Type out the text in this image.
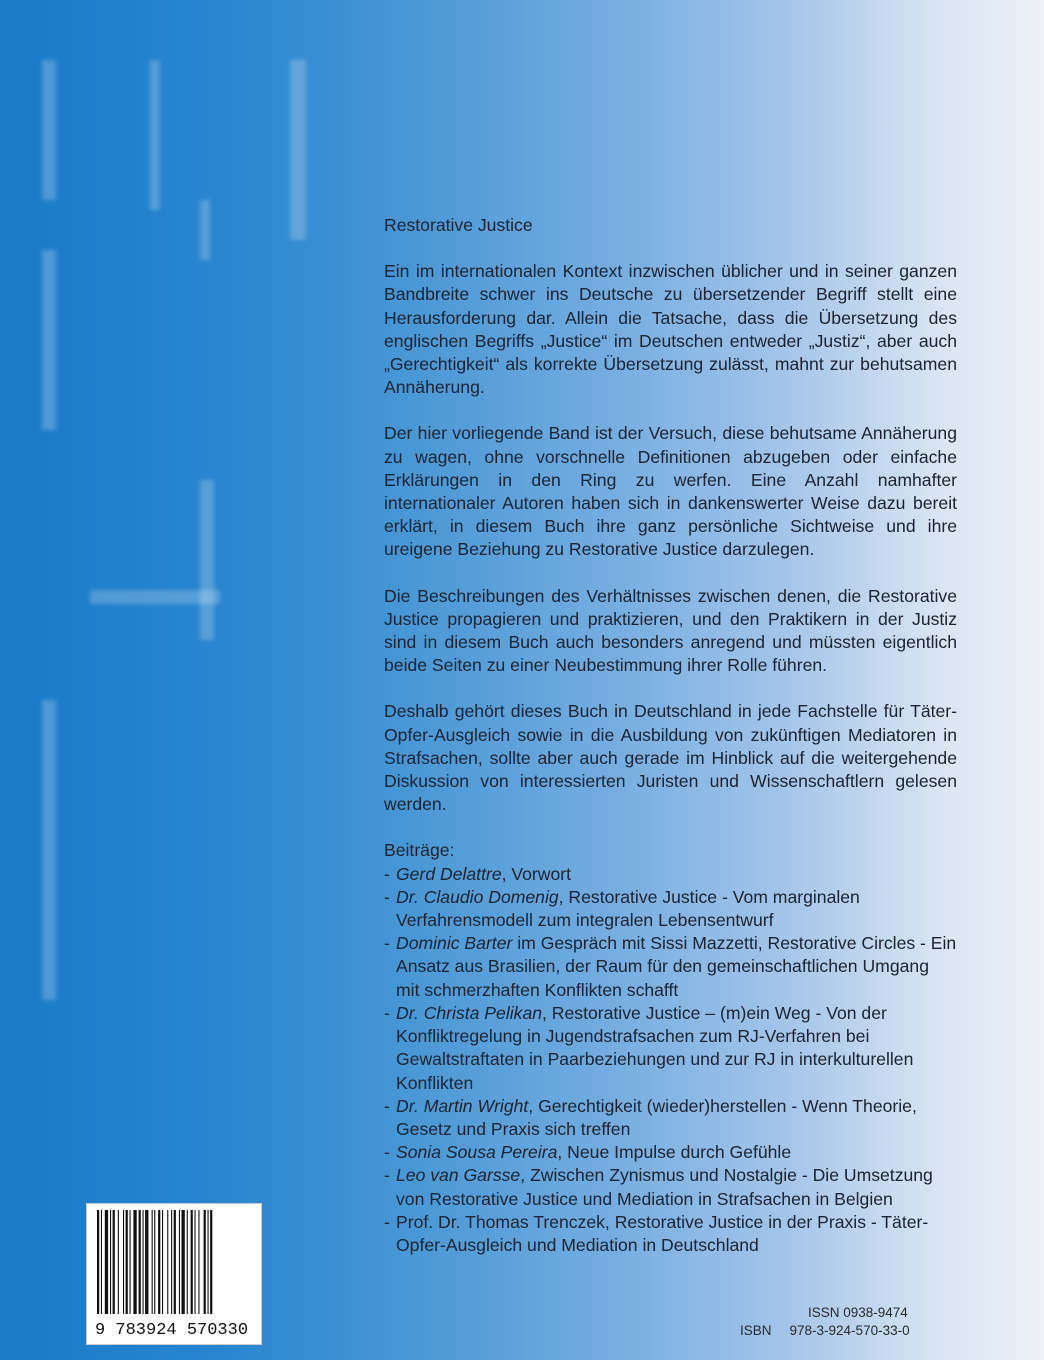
Restorative Justice

Ein im internationalen Kontext inzwischen üblicher und in seiner ganzen Bandbreite schwer ins Deutsche zu übersetzender Begriff stellt eine Herausforderung dar. Allein die Tatsache, dass die Übersetzung des englischen Begriffs „Justice“ im Deutschen entweder „Justiz“, aber auch „Gerechtigkeit“ als korrekte Übersetzung zulässt, mahnt zur behutsamen Annäherung.

Der hier vorliegende Band ist der Versuch, diese behutsame Annäherung zu wagen, ohne vorschnelle Definitionen abzugeben oder einfache Erklärungen in den Ring zu werfen. Eine Anzahl namhafter internationaler Autoren haben sich in dankenswerter Weise dazu bereit erklärt, in diesem Buch ihre ganz persönliche Sichtweise und ihre ureigene Beziehung zu Restorative Justice darzulegen.

Die Beschreibungen des Verhältnisses zwischen denen, die Restorative Justice propagieren und praktizieren, und den Praktikern in der Justiz sind in diesem Buch auch besonders anregend und müssten eigentlich beide Seiten zu einer Neubestimmung ihrer Rolle führen.

Deshalb gehört dieses Buch in Deutschland in jede Fachstelle für Täter-Opfer-Ausgleich sowie in die Ausbildung von zukünftigen Mediatoren in Strafsachen, sollte aber auch gerade im Hinblick auf die weitergehende Diskussion von interessierten Juristen und Wissenschaftlern gelesen werden.

Beiträge:

- Gerd Delattre, Vorwort
- Dr. Claudio Domenig, Restorative Justice - Vom marginalen Verfahrensmodell zum integralen Lebensentwurf
- Dominic Barter im Gespräch mit Sissi Mazzetti, Restorative Circles - Ein Ansatz aus Brasilien, der Raum für den gemeinschaftlichen Umgang mit schmerzhaften Konflikten schafft
- Dr. Christa Pelikan, Restorative Justice – (m)ein Weg - Von der Konfliktregelung in Jugendstrafsachen zum RJ-Verfahren bei Gewaltstraftaten in Paarbeziehungen und zur RJ in interkulturellen Konflikten
- Dr. Martin Wright, Gerechtigkeit (wieder)herstellen - Wenn Theorie, Gesetz und Praxis sich treffen
- Sonia Sousa Pereira, Neue Impulse durch Gefühle
- Leo van Garsse, Zwischen Zynismus und Nostalgie - Die Umsetzung von Restorative Justice und Mediation in Strafsachen in Belgien
- Prof. Dr. Thomas Trenczek, Restorative Justice in der Praxis - Täter-Opfer-Ausgleich und Mediation in Deutschland
9 783924 570330
ISSN 0938-9474
ISBN 978-3-924-570-33-0
